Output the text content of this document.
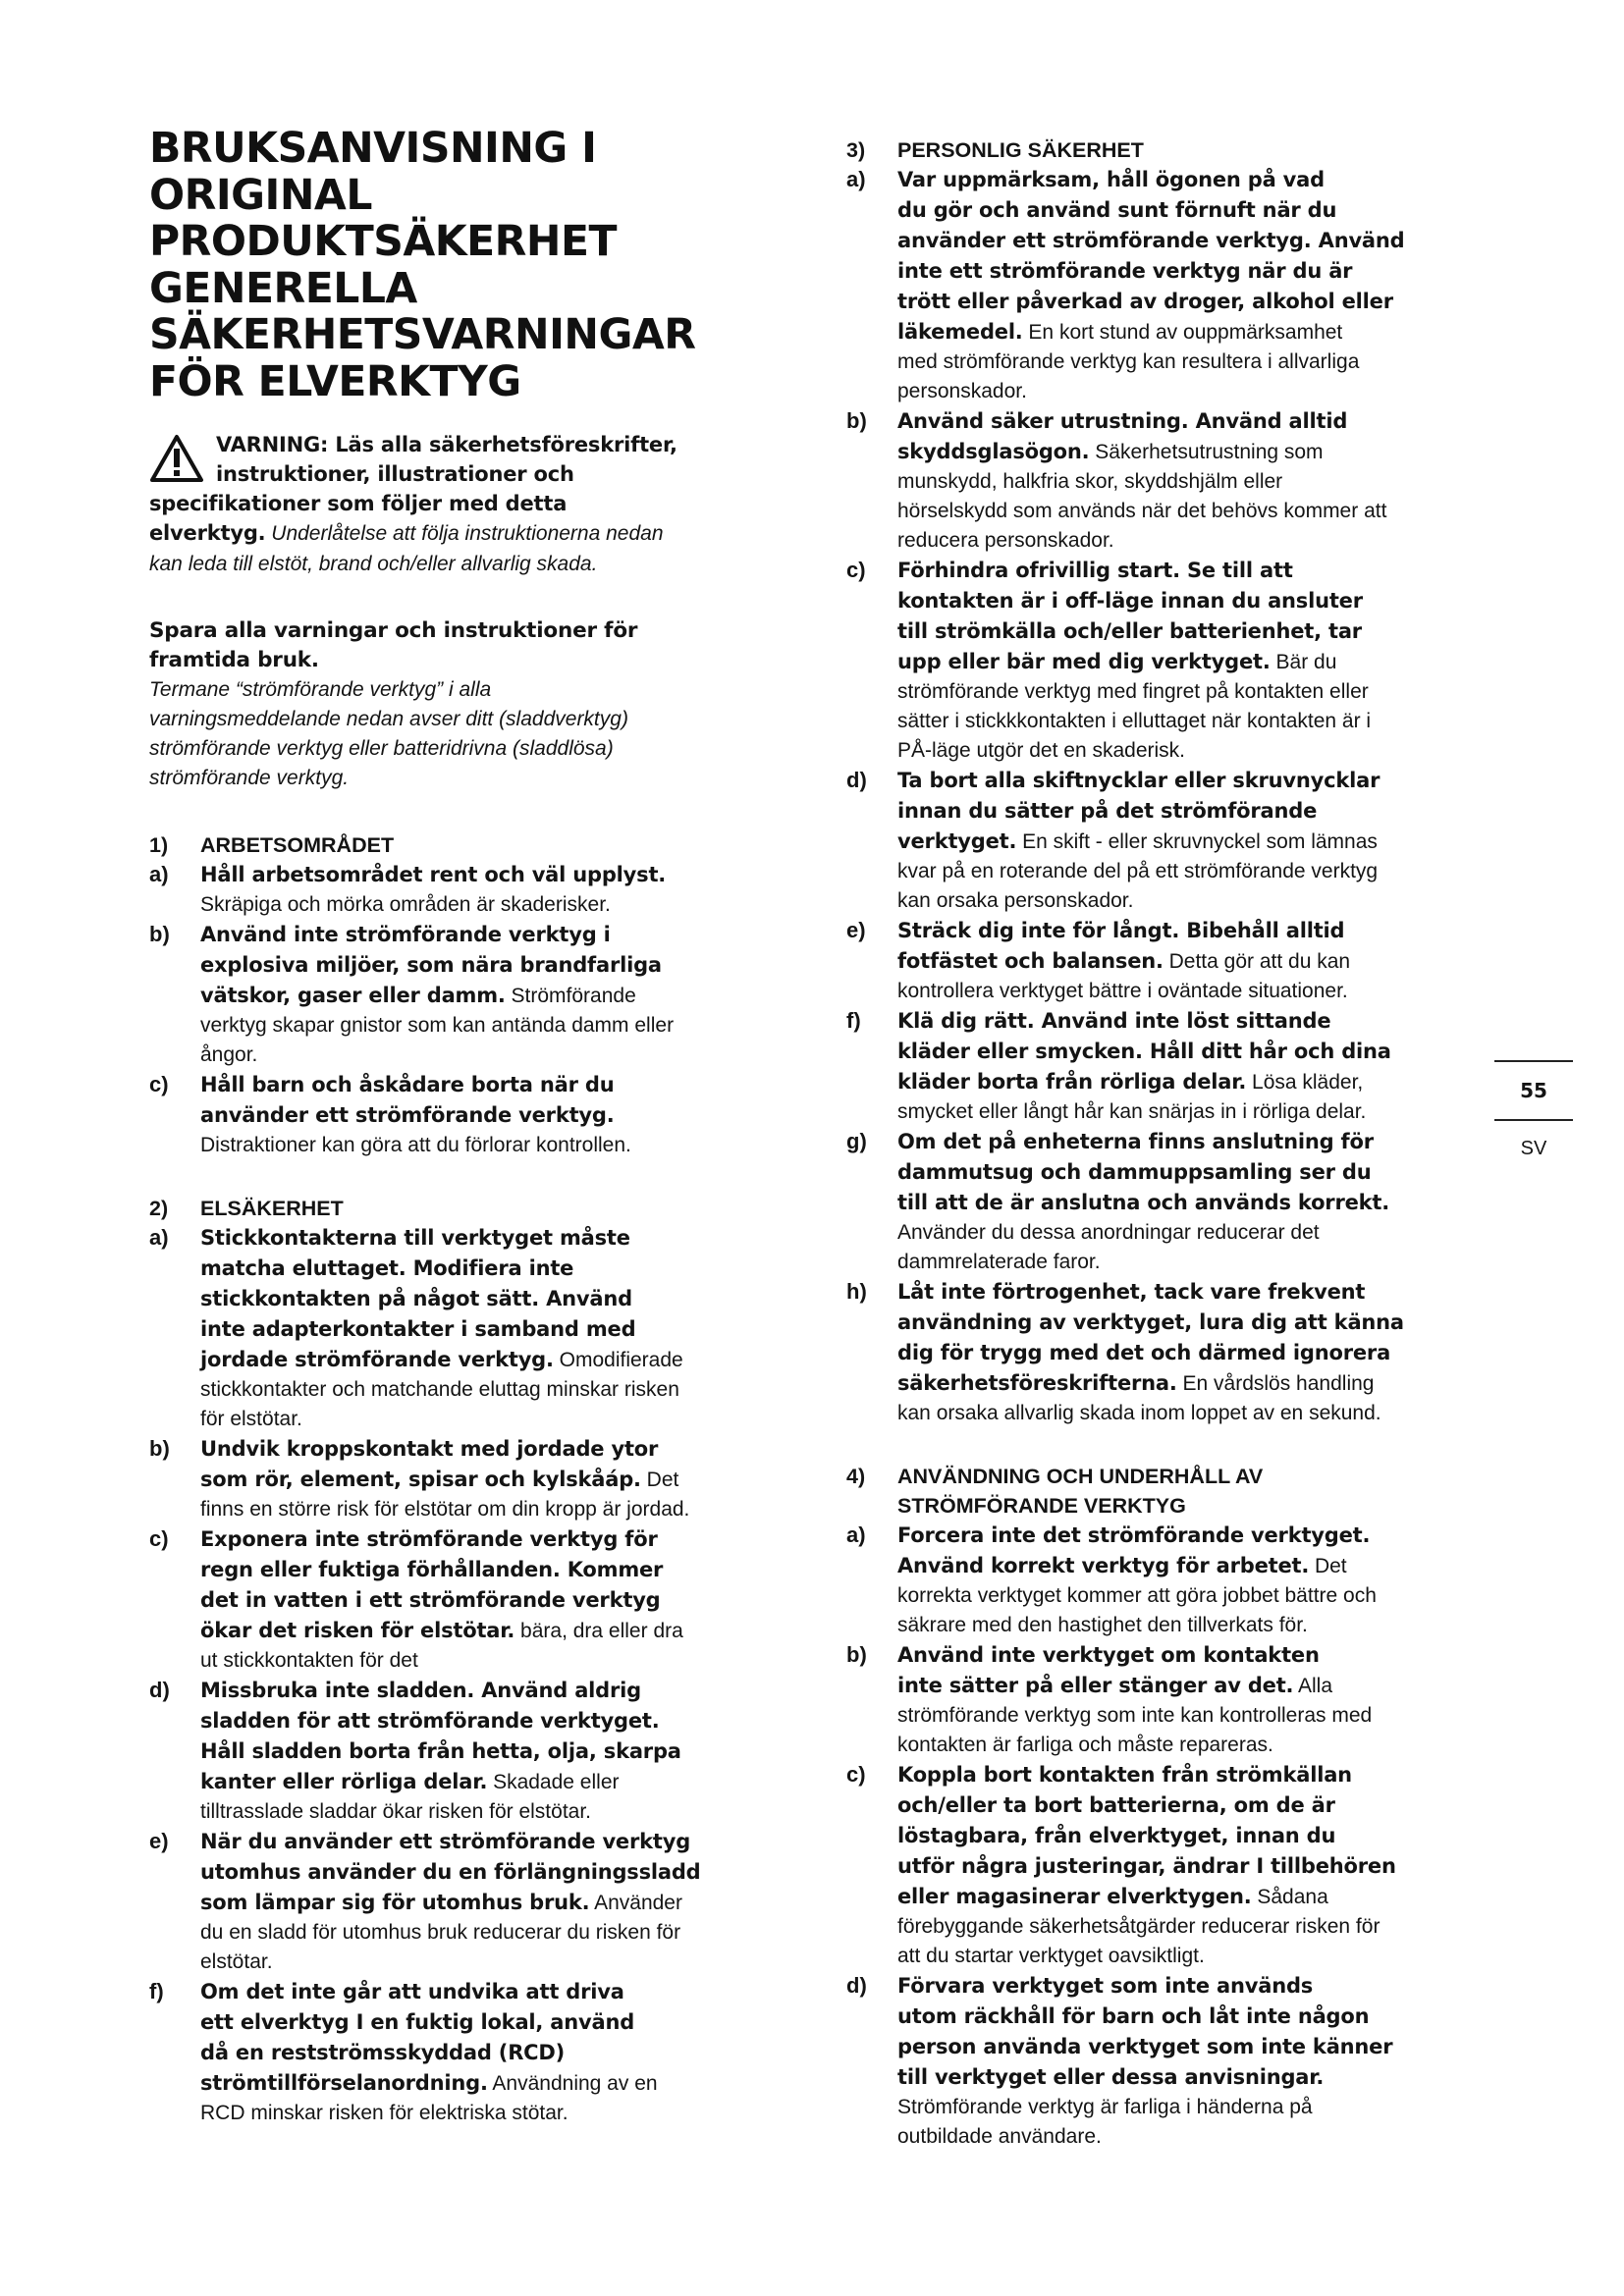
BRUKSANVISNING I
ORIGINAL
PRODUKTSÄKERHET
GENERELLA
SÄKERHETSVARNINGAR
FÖR ELVERKTYG
VARNING: Läs alla säkerhetsföreskrifter,
instruktioner, illustrationer och
specifikationer som följer med detta
elverktyg. Underlåtelse att följa instruktionerna nedan
kan leda till elstöt, brand och/eller allvarlig skada.
Spara alla varningar och instruktioner för
framtida bruk.
Termane “strömförande verktyg” i alla
varningsmeddelande nedan avser ditt (sladdverktyg)
strömförande verktyg eller batteridrivna (sladdlösa)
strömförande verktyg.
1) ARBETSOMRÅDET
a) Håll arbetsområdet rent och väl upplyst.
Skräpiga och mörka områden är skaderisker.
b) Använd inte strömförande verktyg i
explosiva miljöer, som nära brandfarliga
vätskor, gaser eller damm. Strömförande
verktyg skapar gnistor som kan antända damm eller
ångor.
c) Håll barn och åskådare borta när du
använder ett strömförande verktyg.
Distraktioner kan göra att du förlorar kontrollen.
2) ELSÄKERHET
a) Stickkontakterna till verktyget måste
matcha eluttaget. Modifiera inte
stickkontakten på något sätt. Använd
inte adapterkontakter i samband med
jordade strömförande verktyg. Omodifierade
stickkontakter och matchande eluttag minskar risken
för elstötar.
b) Undvik kroppskontakt med jordade ytor
som rör, element, spisar och kylskåáp. Det
finns en större risk för elstötar om din kropp är jordad.
c) Exponera inte strömförande verktyg för
regn eller fuktiga förhållanden. Kommer
det in vatten i ett strömförande verktyg
ökar det risken för elstötar. bära, dra eller dra
ut stickkontakten för det
d) Missbruka inte sladden. Använd aldrig
sladden för att strömförande verktyget.
Håll sladden borta från hetta, olja, skarpa
kanter eller rörliga delar. Skadade eller
tilltrasslade sladdar ökar risken för elstötar.
e) När du använder ett strömförande verktyg
utomhus använder du en förlängningssladd
som lämpar sig för utomhus bruk. Använder
du en sladd för utomhus bruk reducerar du risken för
elstötar.
f) Om det inte går att undvika att driva
ett elverktyg I en fuktig lokal, använd
då en restströmsskyddad (RCD)
strömtillförselanordning. Användning av en
RCD minskar risken för elektriska stötar.
3) PERSONLIG SÄKERHET
a) Var uppmärksam, håll ögonen på vad
du gör och använd sunt förnuft när du
använder ett strömförande verktyg. Använd
inte ett strömförande verktyg när du är
trött eller påverkad av droger, alkohol eller
läkemedel. En kort stund av ouppmärksamhet
med strömförande verktyg kan resultera i allvarliga
personskador.
b) Använd säker utrustning. Använd alltid
skyddsglasögon. Säkerhetsutrustning som
munskydd, halkfria skor, skyddshjälm eller
hörselskydd som används när det behövs kommer att
reducera personskador.
c) Förhindra ofrivillig start. Se till att
kontakten är i off-läge innan du ansluter
till strömkälla och/eller batterienhet, tar
upp eller bär med dig verktyget. Bär du
strömförande verktyg med fingret på kontakten eller
sätter i stickkkontakten i elluttaget när kontakten är i
PÅ-läge utgör det en skaderisk.
d) Ta bort alla skiftnycklar eller skruvnycklar
innan du sätter på det strömförande
verktyget. En skift - eller skruvnyckel som lämnas
kvar på en roterande del på ett strömförande verktyg
kan orsaka personskador.
e) Sträck dig inte för långt. Bibehåll alltid
fotfästet och balansen. Detta gör att du kan
kontrollera verktyget bättre i oväntade situationer.
f) Klä dig rätt. Använd inte löst sittande
kläder eller smycken. Håll ditt hår och dina
kläder borta från rörliga delar. Lösa kläder,
smycket eller långt hår kan snärjas in i rörliga delar.
g) Om det på enheterna finns anslutning för
dammutsug och dammuppsamling ser du
till att de är anslutna och används korrekt.
Använder du dessa anordningar reducerar det
dammrelaterade faror.
h) Låt inte förtrogenhet, tack vare frekvent
användning av verktyget, lura dig att känna
dig för trygg med det och därmed ignorera
säkerhetsföreskrifterna. En vårdslös handling
kan orsaka allvarlig skada inom loppet av en sekund.
4) ANVÄNDNING OCH UNDERHÅLL AV
STRÖMFÖRANDE VERKTYG
a) Forcera inte det strömförande verktyget.
Använd korrekt verktyg för arbetet. Det
korrekta verktyget kommer att göra jobbet bättre och
säkrare med den hastighet den tillverkats för.
b) Använd inte verktyget om kontakten
inte sätter på eller stänger av det. Alla
strömförande verktyg som inte kan kontrolleras med
kontakten är farliga och måste repareras.
c) Koppla bort kontakten från strömkällan
och/eller ta bort batterierna, om de är
löstagbara, från elverktyget, innan du
utför några justeringar, ändrar I tillbehören
eller magasinerar elverktygen. Sådana
förebyggande säkerhetsåtgärder reducerar risken för
att du startar verktyget oavsiktligt.
d) Förvara verktyget som inte används
utom räckhåll för barn och låt inte någon
person använda verktyget som inte känner
till verktyget eller dessa anvisningar.
Strömförande verktyg är farliga i händerna på
outbildade användare.
55
SV
